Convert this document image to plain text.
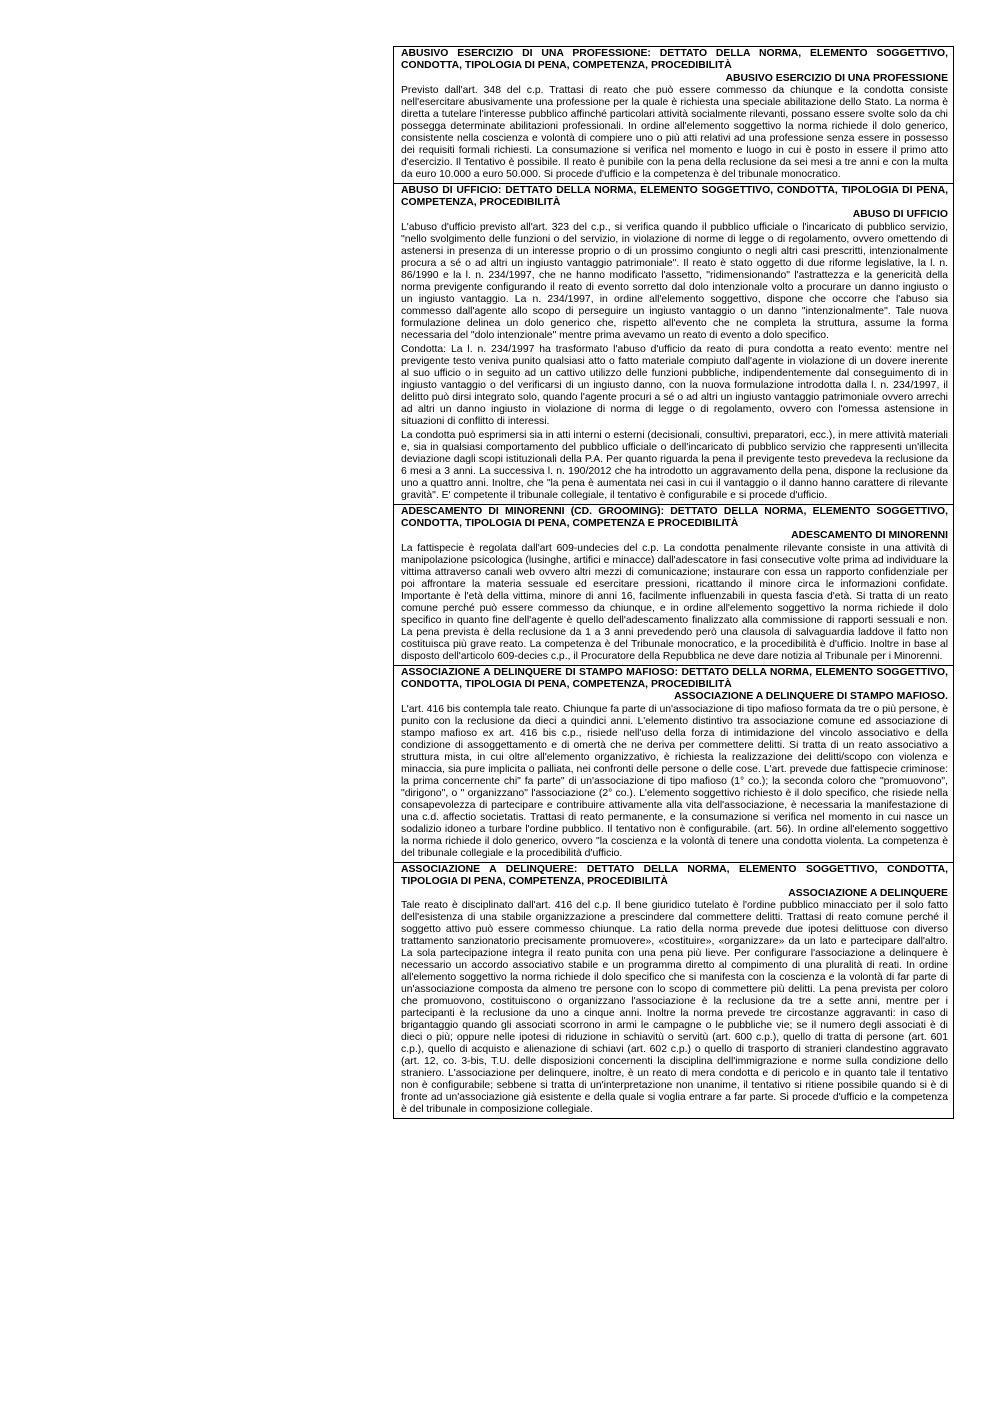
ABUSIVO ESERCIZIO DI UNA PROFESSIONE: DETTATO DELLA NORMA, ELEMENTO SOGGETTIVO, CONDOTTA, TIPOLOGIA DI PENA, COMPETENZA, PROCEDIBILITÀ

ABUSIVO ESERCIZIO DI UNA PROFESSIONE

Previsto dall'art. 348 del c.p. Trattasi di reato che può essere commesso da chiunque e la condotta consiste nell'esercitare abusivamente una professione per la quale è richiesta una speciale abilitazione dello Stato. La norma è diretta a tutelare l'interesse pubblico affinché particolari attività socialmente rilevanti, possano essere svolte solo da chi possegga determinate abilitazioni professionali. In ordine all'elemento soggettivo la norma richiede il dolo generico, consistente nella coscienza e volontà di compiere uno o più atti relativi ad una professione senza essere in possesso dei requisiti formali richiesti. La consumazione si verifica nel momento e luogo in cui è posto in essere il primo atto d'esercizio. Il Tentativo è possibile. Il reato è punibile con la pena della reclusione da sei mesi a tre anni e con la multa da euro 10.000 a euro 50.000. Si procede d'ufficio e la competenza è del tribunale monocratico.

ABUSO DI UFFICIO: DETTATO DELLA NORMA, ELEMENTO SOGGETTIVO, CONDOTTA, TIPOLOGIA DI PENA, COMPETENZA, PROCEDIBILITÀ

ABUSO DI UFFICIO

L'abuso d'ufficio previsto all'art. 323 del c.p., si verifica quando il pubblico ufficiale o l'incaricato di pubblico servizio, "nello svolgimento delle funzioni o del servizio, in violazione di norme di legge o di regolamento, ovvero omettendo di astenersi in presenza di un interesse proprio o di un prossimo congiunto o negli altri casi prescritti, intenzionalmente procura a sé o ad altri un ingiusto vantaggio patrimoniale". Il reato è stato oggetto di due riforme legislative, la l. n. 86/1990 e la l. n. 234/1997, che ne hanno modificato l'assetto, "ridimensionando" l'astrattezza e la genericità della norma previgente configurando il reato di evento sorretto dal dolo intenzionale volto a procurare un danno ingiusto o un ingiusto vantaggio. La n. 234/1997, in ordine all'elemento soggettivo, dispone che occorre che l'abuso sia commesso dall'agente allo scopo di perseguire un ingiusto vantaggio o un danno "intenzionalmente". Tale nuova formulazione delinea un dolo generico che, rispetto all'evento che ne completa la struttura, assume la forma necessaria del "dolo intenzionale" mentre prima avevamo un reato di evento a dolo specifico.

Condotta: La l. n. 234/1997 ha trasformato l'abuso d'ufficio da reato di pura condotta a reato evento: mentre nel previgente testo veniva punito qualsiasi atto o fatto materiale compiuto dall'agente in violazione di un dovere inerente al suo ufficio o in seguito ad un cattivo utilizzo delle funzioni pubbliche, indipendentemente dal conseguimento di in ingiusto vantaggio o del verificarsi di un ingiusto danno, con la nuova formulazione introdotta dalla l. n. 234/1997, il delitto può dirsi integrato solo, quando l'agente procuri a sé o ad altri un ingiusto vantaggio patrimoniale ovvero arrechi ad altri un danno ingiusto in violazione di norma di legge o di regolamento, ovvero con l'omessa astensione in situazioni di conflitto di interessi.

La condotta può esprimersi sia in atti interni o esterni (decisionali, consultivi, preparatori, ecc.), in mere attività materiali e, sia in qualsiasi comportamento del pubblico ufficiale o dell'incaricato di pubblico servizio che rappresenti un'illecita deviazione dagli scopi istituzionali della P.A. Per quanto riguarda la pena il previgente testo prevedeva la reclusione da 6 mesi a 3 anni. La successiva l. n. 190/2012 che ha introdotto un aggravamento della pena, dispone la reclusione da uno a quattro anni. Inoltre, che "la pena è aumentata nei casi in cui il vantaggio o il danno hanno carattere di rilevante gravità". E' competente il tribunale collegiale, il tentativo è configurabile e si procede d'ufficio.

ADESCAMENTO DI MINORENNI (CD. GROOMING): DETTATO DELLA NORMA, ELEMENTO SOGGETTIVO, CONDOTTA, TIPOLOGIA DI PENA, COMPETENZA E PROCEDIBILITÀ

ADESCAMENTO DI MINORENNI

La fattispecie è regolata dall'art 609-undecies del c.p. La condotta penalmente rilevante consiste in una attività di manipolazione psicologica (lusinghe, artifici e minacce) dall'adescatore in fasi consecutive volte prima ad individuare la vittima attraverso canali web ovvero altri mezzi di comunicazione; instaurare con essa un rapporto confidenziale per poi affrontare la materia sessuale ed esercitare pressioni, ricattando il minore circa le informazioni confidate. Importante è l'età della vittima, minore di anni 16, facilmente influenzabili in questa fascia d'età. Si tratta di un reato comune perché può essere commesso da chiunque, e in ordine all'elemento soggettivo la norma richiede il dolo specifico in quanto fine dell'agente è quello dell'adescamento finalizzato alla commissione di rapporti sessuali e non. La pena prevista è della reclusione da 1 a 3 anni prevedendo però una clausola di salvaguardia laddove il fatto non costituisca più grave reato. La competenza è del Tribunale monocratico, e la procedibilità è d'ufficio. Inoltre in base al disposto dell'articolo 609-decies c.p., il Procuratore della Repubblica ne deve dare notizia al Tribunale per i Minorenni.

ASSOCIAZIONE A DELINQUERE DI STAMPO MAFIOSO: DETTATO DELLA NORMA, ELEMENTO SOGGETTIVO, CONDOTTA, TIPOLOGIA DI PENA, COMPETENZA, PROCEDIBILITÀ

ASSOCIAZIONE A DELINQUERE DI STAMPO MAFIOSO.

L'art. 416 bis contempla tale reato. Chiunque fa parte di un'associazione di tipo mafioso formata da tre o più persone, è punito con la reclusione da dieci a quindici anni. L'elemento distintivo tra associazione comune ed associazione di stampo mafioso ex art. 416 bis c.p., risiede nell'uso della forza di intimidazione del vincolo associativo e della condizione di assoggettamento e di omertà che ne deriva per commettere delitti. Si tratta di un reato associativo a struttura mista, in cui oltre all'elemento organizzativo, è richiesta la realizzazione dei delitti/scopo con violenza e minaccia, sia pure implicita o palliata, nei confronti delle persone o delle cose. L'art. prevede due fattispecie criminose: la prima concernente chi" fa parte" di un'associazione di tipo mafioso (1° co.); la seconda coloro che "promuovono", "dirigono", o " organizzano" l'associazione (2° co.). L'elemento soggettivo richiesto è il dolo specifico, che risiede nella consapevolezza di partecipare e contribuire attivamente alla vita dell'associazione, è necessaria la manifestazione di una c.d. affectio societatis. Trattasi di reato permanente, e la consumazione si verifica nel momento in cui nasce un sodalizio idoneo a turbare l'ordine pubblico. Il tentativo non è configurabile. (art. 56). In ordine all'elemento soggettivo la norma richiede il dolo generico, ovvero "la coscienza e la volontà di tenere una condotta violenta. La competenza è del tribunale collegiale e la procedibilità d'ufficio.

ASSOCIAZIONE A DELINQUERE: DETTATO DELLA NORMA, ELEMENTO SOGGETTIVO, CONDOTTA, TIPOLOGIA DI PENA, COMPETENZA, PROCEDIBILITÀ

ASSOCIAZIONE A DELINQUERE

Tale reato è disciplinato dall'art. 416 del c.p. Il bene giuridico tutelato è l'ordine pubblico minacciato per il solo fatto dell'esistenza di una stabile organizzazione a prescindere dal commettere delitti. Trattasi di reato comune perché il soggetto attivo può essere commesso chiunque. La ratio della norma prevede due ipotesi delittuose con diverso trattamento sanzionatorio precisamente promuovere», «costituire», «organizzare» da un lato e partecipare dall'altro. La sola partecipazione integra il reato punita con una pena più lieve. Per configurare l'associazione a delinquere è necessario un accordo associativo stabile e un programma diretto al compimento di una pluralità di reati. In ordine all'elemento soggettivo la norma richiede il dolo specifico che si manifesta con la coscienza e la volontà di far parte di un'associazione composta da almeno tre persone con lo scopo di commettere più delitti. La pena prevista per coloro che promuovono, costituiscono o organizzano l'associazione è la reclusione da tre a sette anni, mentre per i partecipanti è la reclusione da uno a cinque anni. Inoltre la norma prevede tre circostanze aggravanti: in caso di brigantaggio quando gli associati scorrono in armi le campagne o le pubbliche vie; se il numero degli associati è di dieci o più; oppure nelle ipotesi di riduzione in schiavitù o servitù (art. 600 c.p.), quello di tratta di persone (art. 601 c.p.), quello di acquisto e alienazione di schiavi (art. 602 c.p.) o quello di trasporto di stranieri clandestino aggravato (art. 12, co. 3-bis, T.U. delle disposizioni concernenti la disciplina dell'immigrazione e norme sulla condizione dello straniero. L'associazione per delinquere, inoltre, è un reato di mera condotta e di pericolo e in quanto tale il tentativo non è configurabile; sebbene si tratta di un'interpretazione non unanime, il tentativo si ritiene possibile quando si è di fronte ad un'associazione già esistente e della quale si voglia entrare a far parte. Si procede d'ufficio e la competenza è del tribunale in composizione collegiale.
